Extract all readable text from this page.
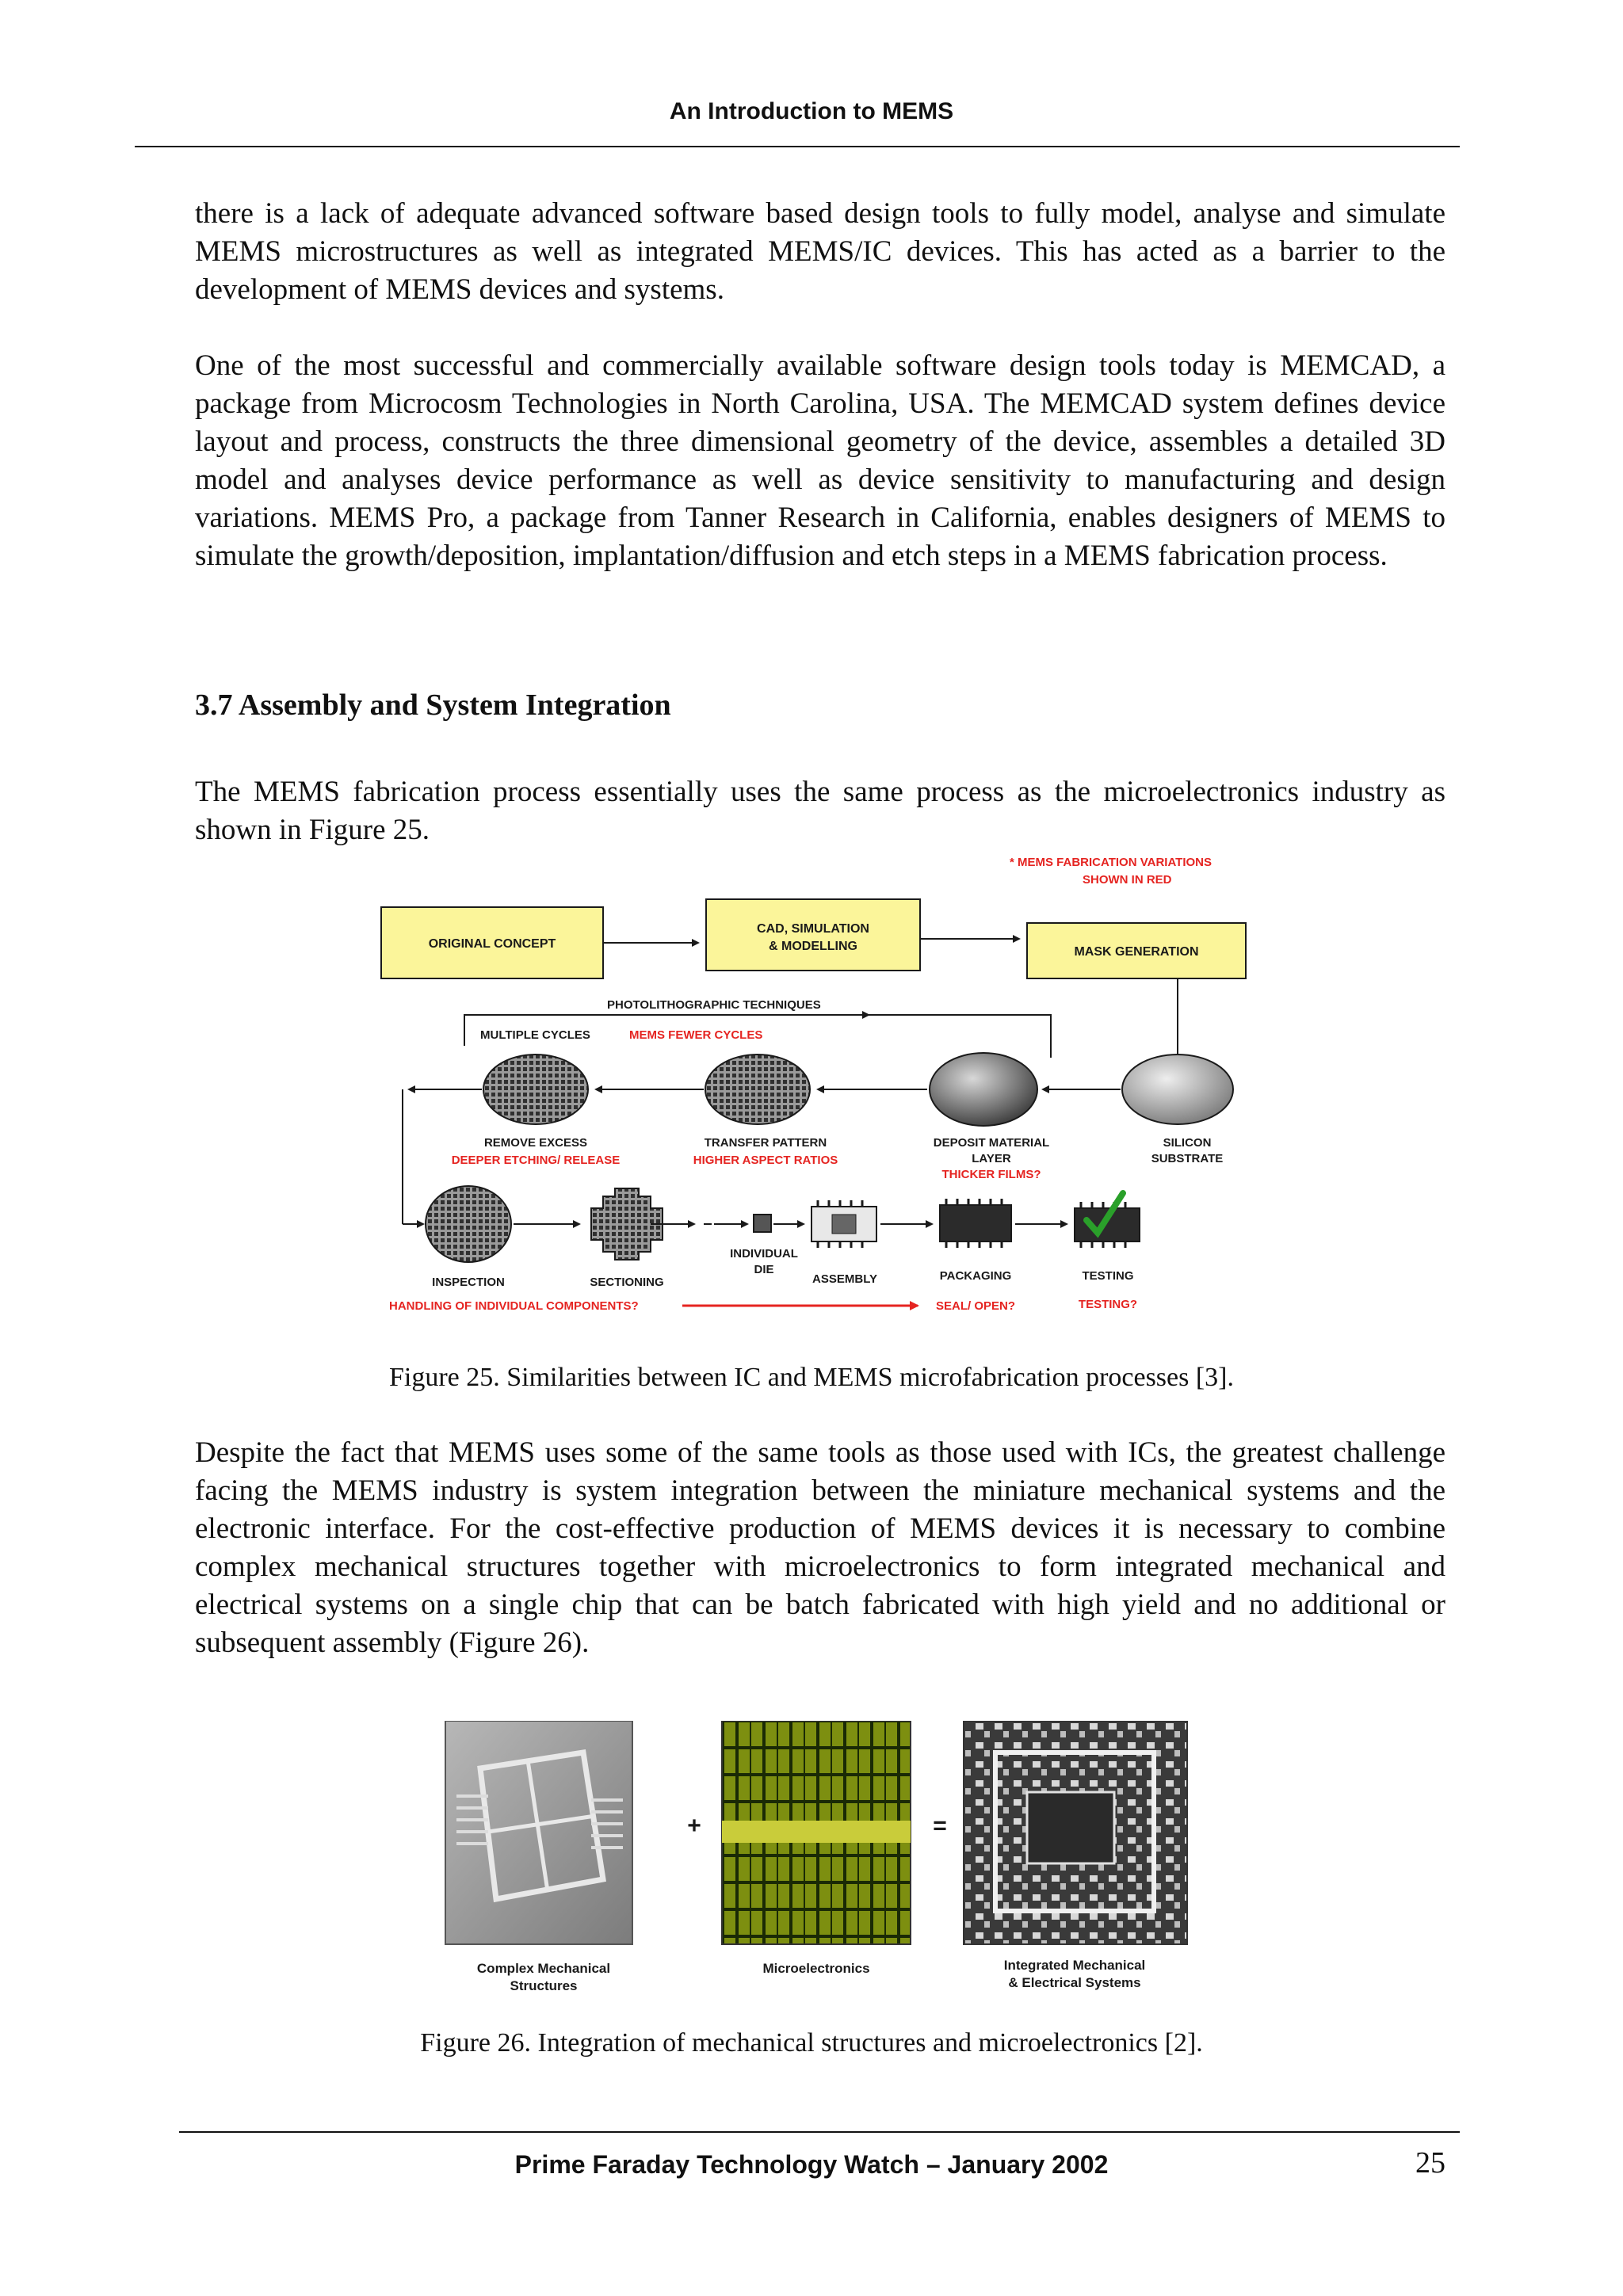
An Introduction to MEMS

there is a lack of adequate advanced software based design tools to fully model, analyse and simulate MEMS microstructures as well as integrated MEMS/IC devices. This has acted as a barrier to the development of MEMS devices and systems.

One of the most successful and commercially available software design tools today is MEMCAD, a package from Microcosm Technologies in North Carolina, USA. The MEMCAD system defines device layout and process, constructs the three dimensional geometry of the device, assembles a detailed 3D model and analyses device performance as well as device sensitivity to manufacturing and design variations. MEMS Pro, a package from Tanner Research in California, enables designers of MEMS to simulate the growth/deposition, implantation/diffusion and etch steps in a MEMS fabrication process.

3.7 Assembly and System Integration

The MEMS fabrication process essentially uses the same process as the microelectronics industry as shown in Figure 25.

* MEMS FABRICATION VARIATIONS
SHOWN IN RED
ORIGINAL CONCEPT
CAD, SIMULATION
& MODELLING	MASK GENERATION
PHOTOLITHOGRAPHIC TECHNIQUES
MULTIPLE CYCLES	MEMS FEWER CYCLES
REMOVE EXCESS
DEEPER ETCHING/ RELEASE
TRANSFER PATTERN
HIGHER ASPECT RATIOS
DEPOSIT MATERIAL
LAYER
THICKER FILMS?
SILICON
SUBSTRATE
INSPECTION	SECTIONING
INDIVIDUAL
DIE
ASSEMBLY	PACKAGING	TESTING
HANDLING OF INDIVIDUAL COMPONENTS?	SEAL/ OPEN?	TESTING?
Figure 25. Similarities between IC and MEMS microfabrication processes [3].

Despite the fact that MEMS uses some of the same tools as those used with ICs, the greatest challenge facing the MEMS industry is system integration between the miniature mechanical systems and the electronic interface. For the cost-effective production of MEMS devices it is necessary to combine complex mechanical structures together with microelectronics to form integrated mechanical and electrical systems on a single chip that can be batch fabricated with high yield and no additional or subsequent assembly (Figure 26).

+	=
Complex Mechanical
Structures
Microelectronics	Integrated Mechanical
& Electrical Systems
Figure 26. Integration of mechanical structures and microelectronics [2].
Prime Faraday Technology Watch – January 2002	25
